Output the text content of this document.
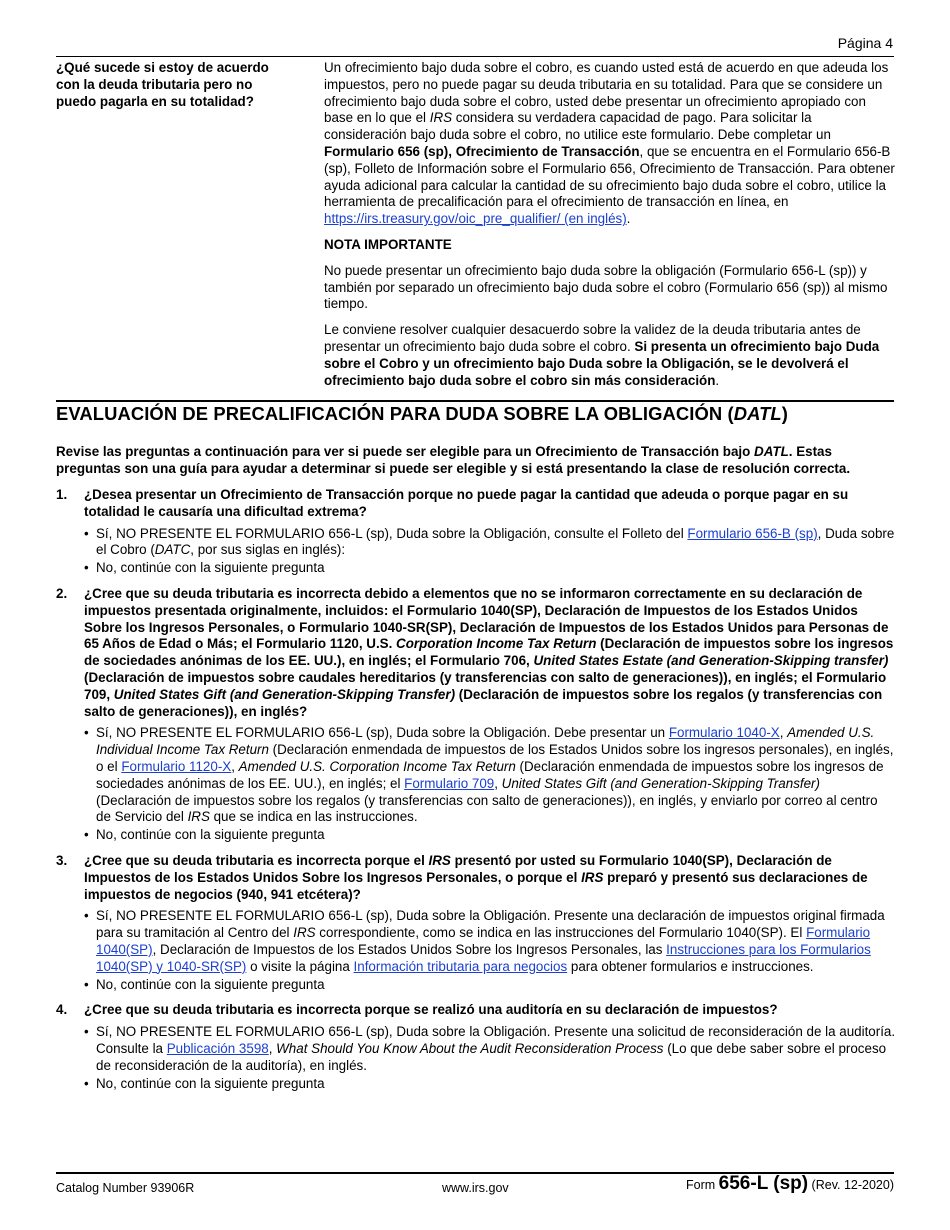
Página 4
¿Qué sucede si estoy de acuerdo con la deuda tributaria pero no puedo pagarla en su totalidad?

Un ofrecimiento bajo duda sobre el cobro, es cuando usted está de acuerdo en que adeuda los impuestos, pero no puede pagar su deuda tributaria en su totalidad. Para que se considere un ofrecimiento bajo duda sobre el cobro, usted debe presentar un ofrecimiento apropiado con base en lo que el IRS considera su verdadera capacidad de pago. Para solicitar la consideración bajo duda sobre el cobro, no utilice este formulario. Debe completar un Formulario 656 (sp), Ofrecimiento de Transacción, que se encuentra en el Formulario 656-B (sp), Folleto de Información sobre el Formulario 656, Ofrecimiento de Transacción. Para obtener ayuda adicional para calcular la cantidad de su ofrecimiento bajo duda sobre el cobro, utilice la herramienta de precalificación para el ofrecimiento de transacción en línea, en https://irs.treasury.gov/oic_pre_qualifier/ (en inglés).

NOTA IMPORTANTE

No puede presentar un ofrecimiento bajo duda sobre la obligación (Formulario 656-L (sp)) y también por separado un ofrecimiento bajo duda sobre el cobro (Formulario 656 (sp)) al mismo tiempo.

Le conviene resolver cualquier desacuerdo sobre la validez de la deuda tributaria antes de presentar un ofrecimiento bajo duda sobre el cobro. Si presenta un ofrecimiento bajo Duda sobre el Cobro y un ofrecimiento bajo Duda sobre la Obligación, se le devolverá el ofrecimiento bajo duda sobre el cobro sin más consideración.

EVALUACIÓN DE PRECALIFICACIÓN PARA DUDA SOBRE LA OBLIGACIÓN (DATL)
Revise las preguntas a continuación para ver si puede ser elegible para un Ofrecimiento de Transacción bajo DATL. Estas preguntas son una guía para ayudar a determinar si puede ser elegible y si está presentando la clase de resolución correcta.
1. ¿Desea presentar un Ofrecimiento de Transacción porque no puede pagar la cantidad que adeuda o porque pagar en su totalidad le causaría una dificultad extrema?
• Sí, NO PRESENTE EL FORMULARIO 656-L (sp), Duda sobre la Obligación, consulte el Folleto del Formulario 656-B (sp), Duda sobre el Cobro (DATC, por sus siglas en inglés):
• No, continúe con la siguiente pregunta
2. ¿Cree que su deuda tributaria es incorrecta debido a elementos que no se informaron correctamente en su declaración de impuestos presentada originalmente, incluidos: el Formulario 1040(SP), Declaración de Impuestos de los Estados Unidos Sobre los Ingresos Personales, o Formulario 1040-SR(SP), Declaración de Impuestos de los Estados Unidos para Personas de 65 Años de Edad o Más; el Formulario 1120, U.S. Corporation Income Tax Return (Declaración de impuestos sobre los ingresos de sociedades anónimas de los EE. UU.), en inglés; el Formulario 706, United States Estate (and Generation-Skipping transfer) (Declaración de impuestos sobre caudales hereditarios (y transferencias con salto de generaciones)), en inglés; el Formulario 709, United States Gift (and Generation-Skipping Transfer) (Declaración de impuestos sobre los regalos (y transferencias con salto de generaciones)), en inglés?
• Sí, NO PRESENTE EL FORMULARIO 656-L (sp), Duda sobre la Obligación. Debe presentar un Formulario 1040-X, Amended U.S. Individual Income Tax Return (Declaración enmendada de impuestos de los Estados Unidos sobre los ingresos personales), en inglés, o el Formulario 1120-X, Amended U.S. Corporation Income Tax Return (Declaración enmendada de impuestos sobre los ingresos de sociedades anónimas de los EE. UU.), en inglés; el Formulario 709, United States Gift (and Generation-Skipping Transfer) (Declaración de impuestos sobre los regalos (y transferencias con salto de generaciones)), en inglés, y enviarlo por correo al centro de Servicio del IRS que se indica en las instrucciones.
• No, continúe con la siguiente pregunta
3. ¿Cree que su deuda tributaria es incorrecta porque el IRS presentó por usted su Formulario 1040(SP), Declaración de Impuestos de los Estados Unidos Sobre los Ingresos Personales, o porque el IRS preparó y presentó sus declaraciones de impuestos de negocios (940, 941 etcétera)?
• Sí, NO PRESENTE EL FORMULARIO 656-L (sp), Duda sobre la Obligación. Presente una declaración de impuestos original firmada para su tramitación al Centro del IRS correspondiente, como se indica en las instrucciones del Formulario 1040(SP). El Formulario 1040(SP), Declaración de Impuestos de los Estados Unidos Sobre los Ingresos Personales, las Instrucciones para los Formularios 1040(SP) y 1040-SR(SP) o visite la página Información tributaria para negocios para obtener formularios e instrucciones.
• No, continúe con la siguiente pregunta
4. ¿Cree que su deuda tributaria es incorrecta porque se realizó una auditoría en su declaración de impuestos?
• Sí, NO PRESENTE EL FORMULARIO 656-L (sp), Duda sobre la Obligación. Presente una solicitud de reconsideración de la auditoría. Consulte la Publicación 3598, What Should You Know About the Audit Reconsideration Process (Lo que debe saber sobre el proceso de reconsideración de la auditoría), en inglés.
• No, continúe con la siguiente pregunta
Catalog Number 93906R	www.irs.gov	Form 656-L (sp) (Rev. 12-2020)
